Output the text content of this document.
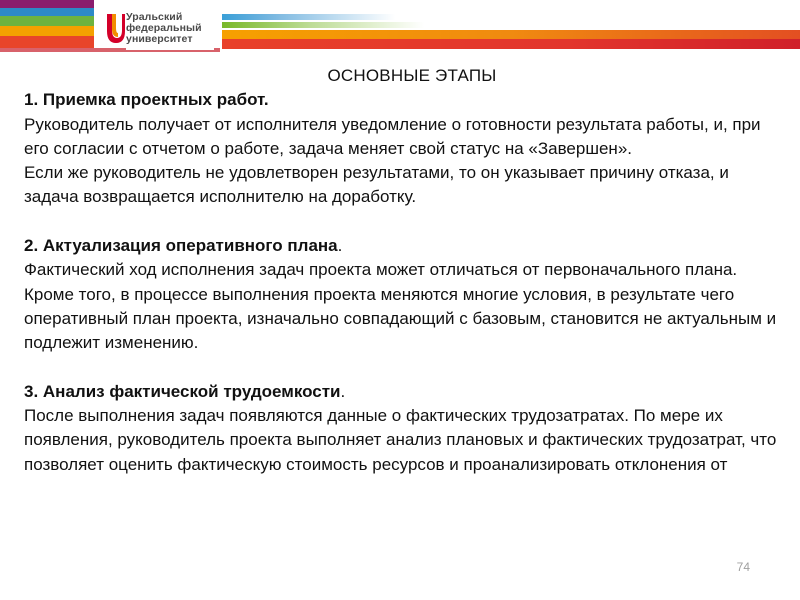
Уральский
федеральный
университет
ОСНОВНЫЕ ЭТАПЫ

1. Приемка проектных работ.

Руководитель получает от исполнителя уведомление о готовности результата работы, и, при его согласии с отчетом о работе, задача меняет свой статус на «Завершен».

Если же руководитель не удовлетворен результатами, то он указывает причину отказа, и задача возвращается исполнителю на доработку.

2. Актуализация оперативного плана.

Фактический ход исполнения задач проекта может отличаться от первоначального плана. Кроме того, в процессе выполнения проекта меняются многие условия, в результате чего оперативный план проекта, изначально совпадающий с базовым, становится не актуальным и подлежит изменению.

3. Анализ фактической трудоемкости.

После выполнения задач появляются данные о фактических трудозатратах. По мере их появления, руководитель проекта выполняет анализ плановых и фактических трудозатрат, что позволяет оценить фактическую стоимость ресурсов и проанализировать отклонения от

74
